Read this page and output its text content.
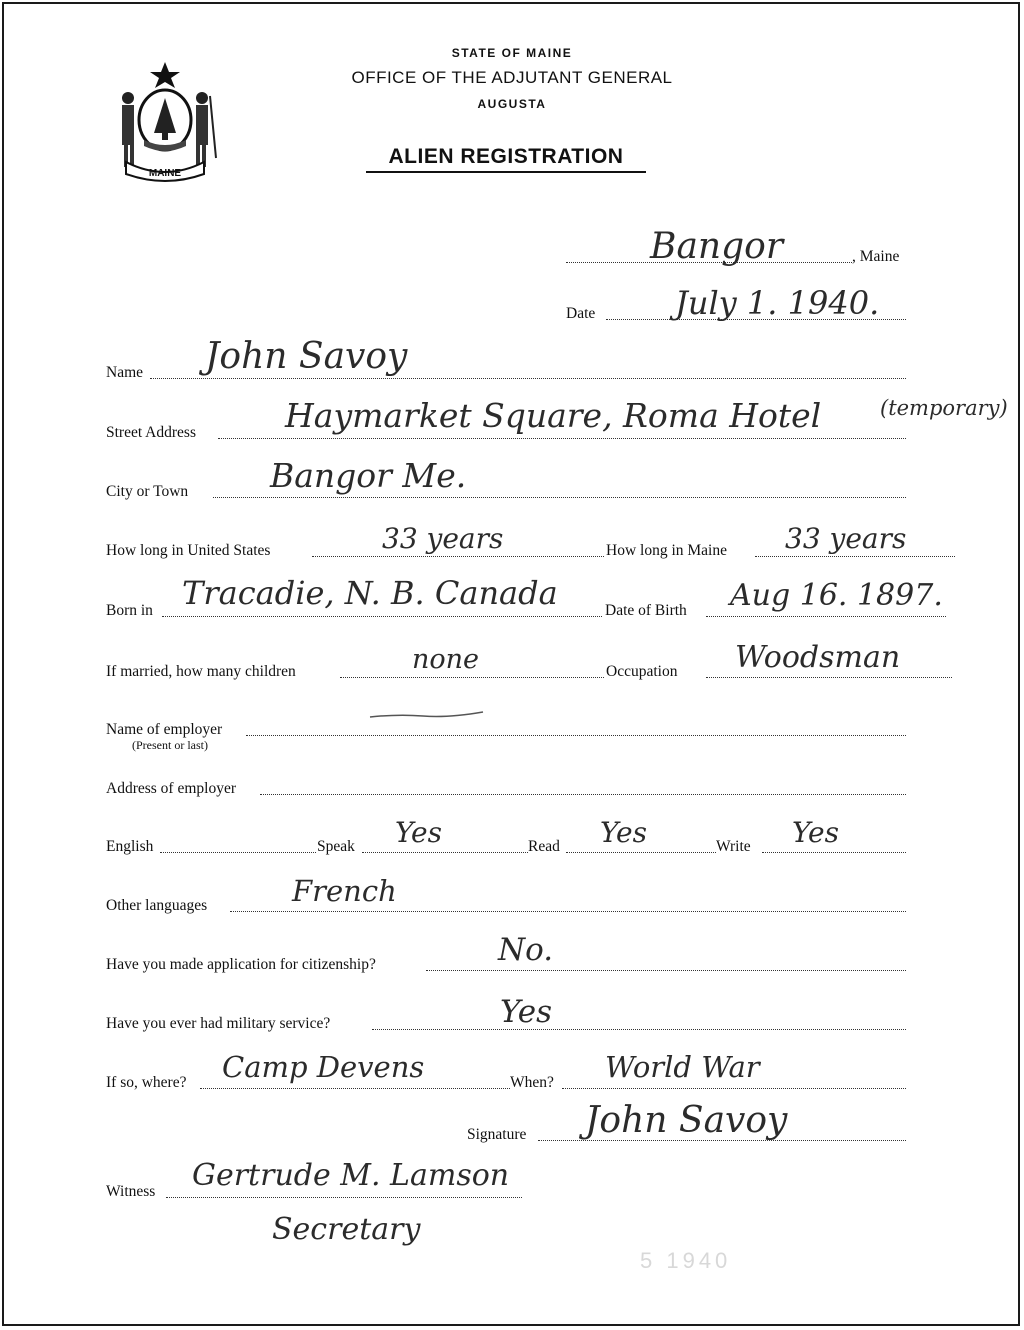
MAINE
STATE OF MAINE
OFFICE OF THE ADJUTANT GENERAL
AUGUSTA
ALIEN REGISTRATION
Bangor	, Maine
Date July 1. 1940.
Name John Savoy
Street Address	Haymarket Square, Roma Hotel	(temporary)
City or Town Bangor Me.
How long in United States	33 years	How long in Maine 33 years
Born in Tracadie, N. B. Canada	Date of Birth Aug 16. 1897.
If married, how many children	none	Occupation Woodsman
Name of employer
(Present or last)
Address of employer
English	Speak Yes	Read Yes	Write Yes
Other languages	French
Have you made application for citizenship?	No.
Have you ever had military service?	Yes
If so, where? Camp Devens	When? World War
Signature John Savoy
Witness Gertrude M. Lamson
Secretary
5 1940
